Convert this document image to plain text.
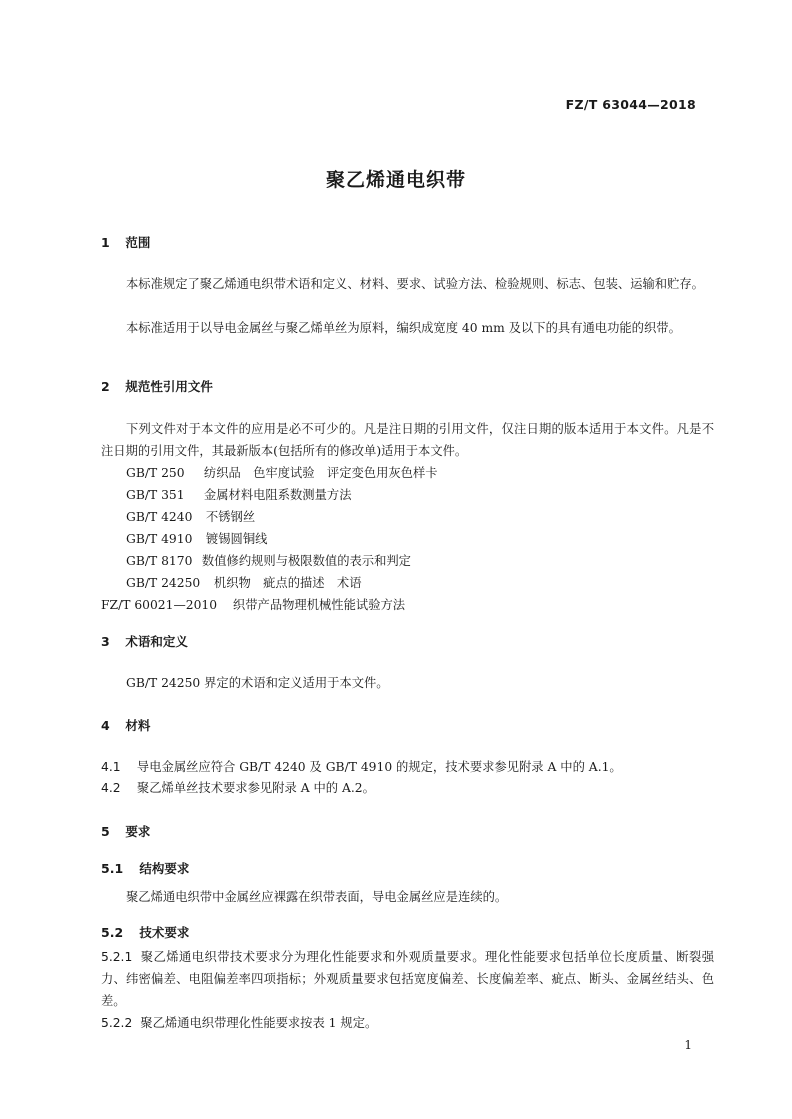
FZ/T 63044—2018
聚乙烯通电织带
1 范围
本标准规定了聚乙烯通电织带术语和定义、材料、要求、试验方法、检验规则、标志、包装、运输和贮存。
本标准适用于以导电金属丝与聚乙烯单丝为原料，编织成宽度 40 mm 及以下的具有通电功能的织带。
2 规范性引用文件
下列文件对于本文件的应用是必不可少的。凡是注日期的引用文件，仅注日期的版本适用于本文件。凡是不注日期的引用文件，其最新版本(包括所有的修改单)适用于本文件。
GB/T 250 纺织品　色牢度试验　评定变色用灰色样卡
GB/T 351 金属材料电阻系数测量方法
GB/T 4240 不锈钢丝
GB/T 4910 镀锡圆铜线
GB/T 8170 数值修约规则与极限数值的表示和判定
GB/T 24250 机织物　疵点的描述　术语
FZ/T 60021—2010 织带产品物理机械性能试验方法
3 术语和定义
GB/T 24250 界定的术语和定义适用于本文件。
4 材料
4.1 导电金属丝应符合 GB/T 4240 及 GB/T 4910 的规定，技术要求参见附录 A 中的 A.1。
4.2 聚乙烯单丝技术要求参见附录 A 中的 A.2。
5 要求
5.1 结构要求
聚乙烯通电织带中金属丝应裸露在织带表面，导电金属丝应是连续的。
5.2 技术要求
5.2.1 聚乙烯通电织带技术要求分为理化性能要求和外观质量要求。理化性能要求包括单位长度质量、断裂强力、纬密偏差、电阻偏差率四项指标；外观质量要求包括宽度偏差、长度偏差率、疵点、断头、金属丝结头、色差。
5.2.2 聚乙烯通电织带理化性能要求按表 1 规定。
1
